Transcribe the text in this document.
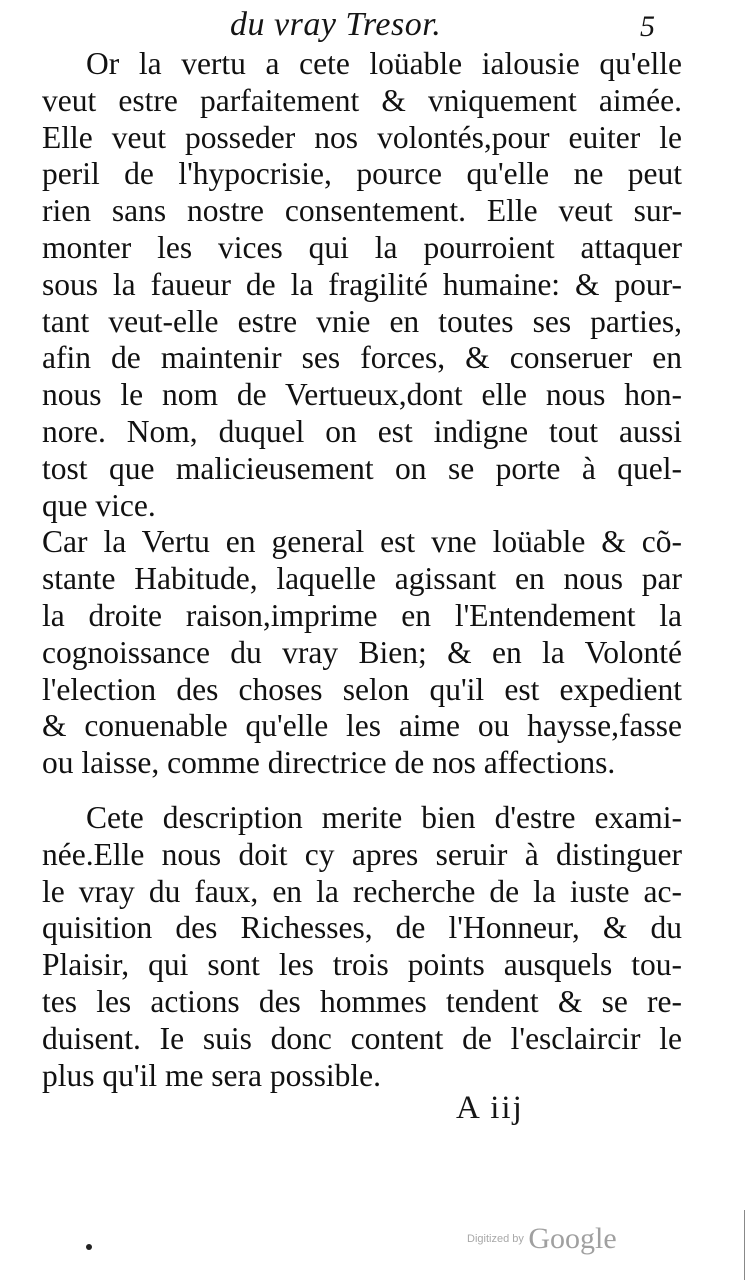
du vray Tresor.	5
Or la vertu a cete loüable ialousie qu'elle
veut estre parfaitement & vniquement aimée.
Elle veut posseder nos volontés,pour euiter le
peril de l'hypocrisie, pource qu'elle ne peut
rien sans nostre consentement. Elle veut sur-
monter les vices qui la pourroient attaquer
sous la faueur de la fragilité humaine: & pour-
tant veut-elle estre vnie en toutes ses parties,
afin de maintenir ses forces, & conseruer en
nous le nom de Vertueux,dont elle nous hon-
nore. Nom, duquel on est indigne tout aussi
tost que malicieusement on se porte à quel-
que vice.
Car la Vertu en general est vne loüable & cõ-
stante Habitude, laquelle agissant en nous par
la droite raison,imprime en l'Entendement la
cognoissance du vray Bien; & en la Volonté
l'election des choses selon qu'il est expedient
& conuenable qu'elle les aime ou haysse,fasse
ou laisse, comme directrice de nos affections.
Cete description merite bien d'estre exami-
née.Elle nous doit cy apres seruir à distinguer
le vray du faux, en la recherche de la iuste ac-
quisition des Richesses, de l'Honneur, & du
Plaisir, qui sont les trois points ausquels tou-
tes les actions des hommes tendent & se re-
duisent. Ie suis donc content de l'esclaircir le
plus qu'il me sera possible.
A iij
Digitized by Google
